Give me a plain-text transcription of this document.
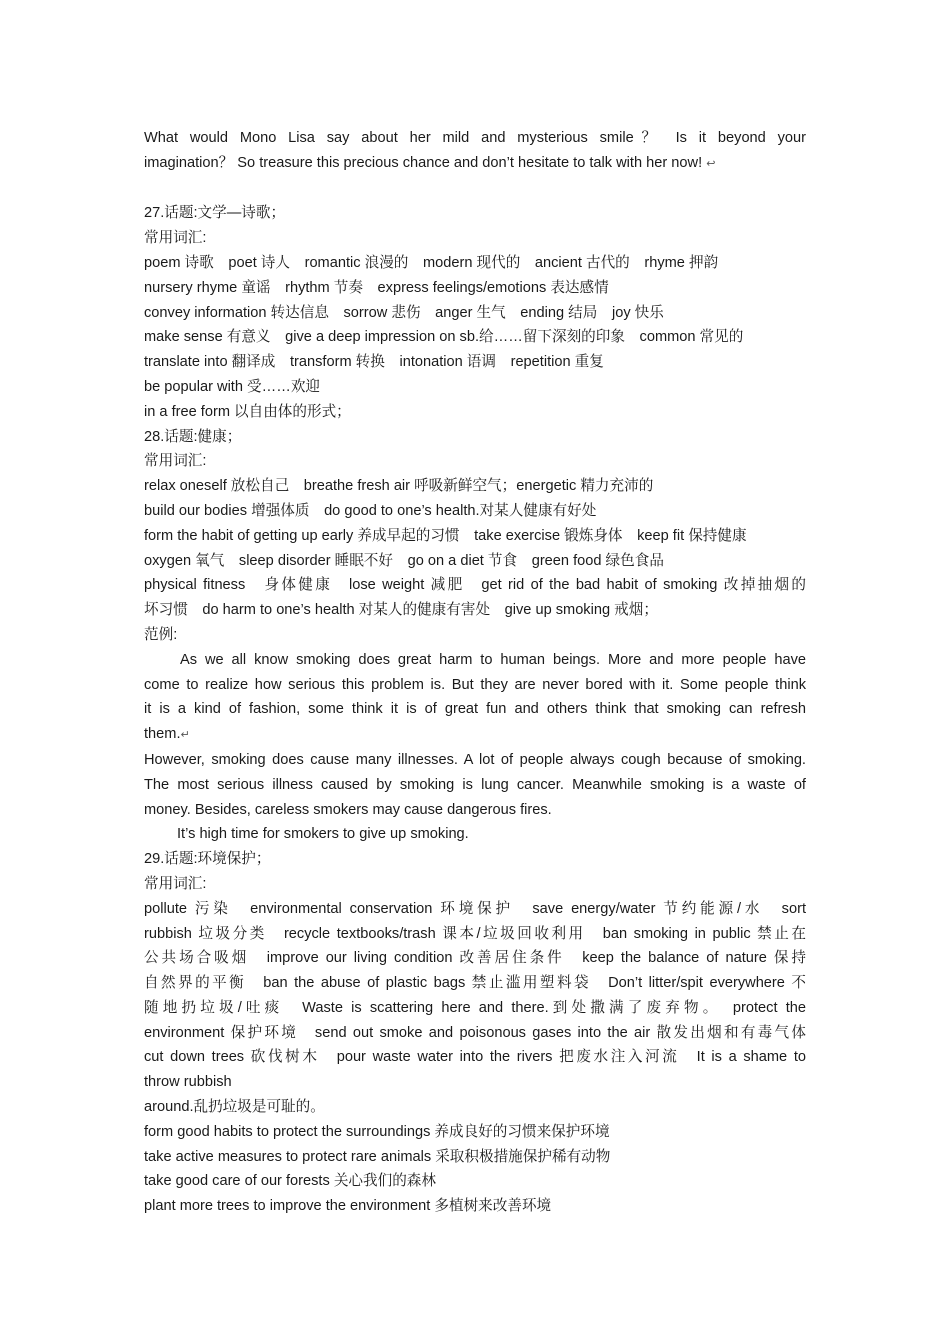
What would Mono Lisa say about her mild and mysterious smile？ Is it beyond your
imagination？ So treasure this precious chance and don’t hesitate to talk with her now! ↩
27.话题:文学—诗歌；
常用词汇:
poem 诗歌　poet 诗人　romantic 浪漫的　modern 现代的　ancient 古代的　rhyme 押韵
nursery rhyme 童谣　rhythm 节奏　express feelings/emotions 表达感情
convey information 转达信息　sorrow 悲伤　anger 生气　ending 结局　joy 快乐
make sense 有意义　give a deep impression on sb.给……留下深刻的印象　common 常见的
translate into 翻译成　transform 转换　intonation 语调　repetition 重复
be popular with 受……欢迎
in a free form 以自由体的形式；
28.话题:健康；
常用词汇:
relax oneself 放松自己　breathe fresh air 呼吸新鲜空气；energetic 精力充沛的
build our bodies 增强体质　do good to one’s health.对某人健康有好处
form the habit of getting up early 养成早起的习惯　take exercise 锻炼身体　keep fit 保持健康
oxygen 氧气　sleep disorder 睡眠不好　go on a diet 节食　green food 绿色食品
physical fitness　身体健康　lose weight 减肥　get rid of the bad habit of smoking 改掉抽烟的
坏习惯　do harm to one’s health 对某人的健康有害处　give up smoking 戒烟；
范例:
As we all know smoking does great harm to human beings. More and more people have
come to realize how serious this problem is. But they are never bored with it. Some people think
it is a kind of fashion, some think it is of great fun and others think that smoking can refresh
them.↵
However, smoking does cause many illnesses. A lot of people always cough because of smoking.
The most serious illness caused by smoking is lung cancer. Meanwhile smoking is a waste of
money. Besides, careless smokers may cause dangerous fires.
It’s high time for smokers to give up smoking.
29.话题:环境保护；
常用词汇:
pollute 污染　environmental conservation 环境保护　save energy/water 节约能源/水　sort
rubbish 垃圾分类　recycle textbooks/trash 课本/垃圾回收利用　ban smoking in public 禁止在
公共场合吸烟　improve our living condition 改善居住条件　keep the balance of nature 保持
自然界的平衡　ban the abuse of plastic bags 禁止滥用塑料袋　Don’t litter/spit everywhere 不
随地扔垃圾/吐痰　Waste is scattering here and there.到处撒满了废弃物。　protect the
environment 保护环境　send out smoke and poisonous gases into the air 散发出烟和有毒气体
cut down trees 砍伐树木　pour waste water into the rivers 把废水注入河流　It is a shame to
throw rubbish
around.乱扔垃圾是可耻的。
form good habits to protect the surroundings 养成良好的习惯来保护环境
take active measures to protect rare animals 采取积极措施保护稀有动物
take good care of our forests 关心我们的森林
plant more trees to improve the environment 多植树来改善环境
